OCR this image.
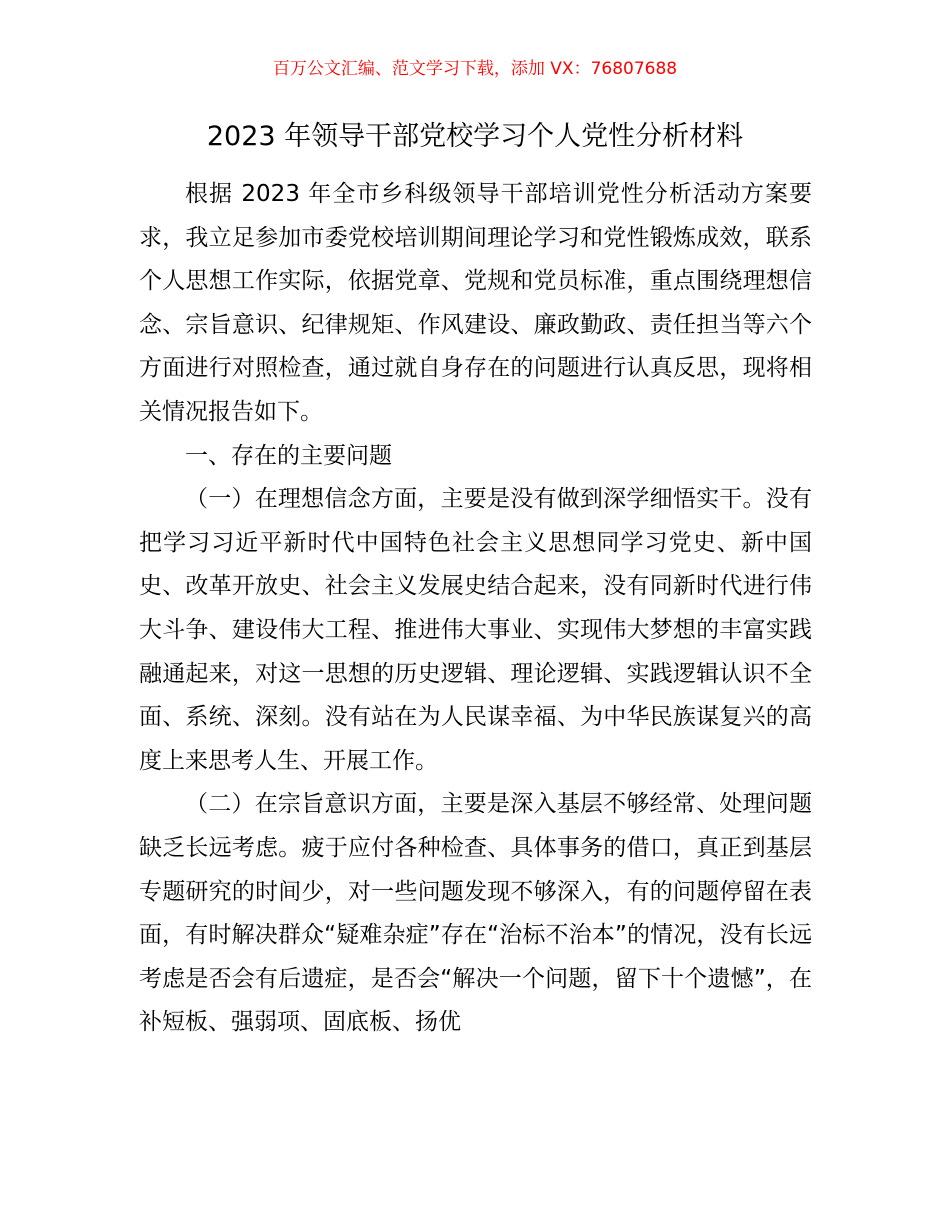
百万公文汇编、范文学习下载，添加 VX：76807688
2023 年领导干部党校学习个人党性分析材料

根据 2023 年全市乡科级领导干部培训党性分析活动方案要求，我立足参加市委党校培训期间理论学习和党性锻炼成效，联系个人思想工作实际，依据党章、党规和党员标准，重点围绕理想信念、宗旨意识、纪律规矩、作风建设、廉政勤政、责任担当等六个方面进行对照检查，通过就自身存在的问题进行认真反思，现将相关情况报告如下。

一、存在的主要问题

（一）在理想信念方面，主要是没有做到深学细悟实干。没有把学习习近平新时代中国特色社会主义思想同学习党史、新中国史、改革开放史、社会主义发展史结合起来，没有同新时代进行伟大斗争、建设伟大工程、推进伟大事业、实现伟大梦想的丰富实践融通起来，对这一思想的历史逻辑、理论逻辑、实践逻辑认识不全面、系统、深刻。没有站在为人民谋幸福、为中华民族谋复兴的高度上来思考人生、开展工作。

（二）在宗旨意识方面，主要是深入基层不够经常、处理问题缺乏长远考虑。疲于应付各种检查、具体事务的借口，真正到基层专题研究的时间少，对一些问题发现不够深入，有的问题停留在表面，有时解决群众“疑难杂症”存在“治标不治本”的情况，没有长远考虑是否会有后遗症，是否会“解决一个问题，留下十个遗憾”，在补短板、强弱项、固底板、扬优
